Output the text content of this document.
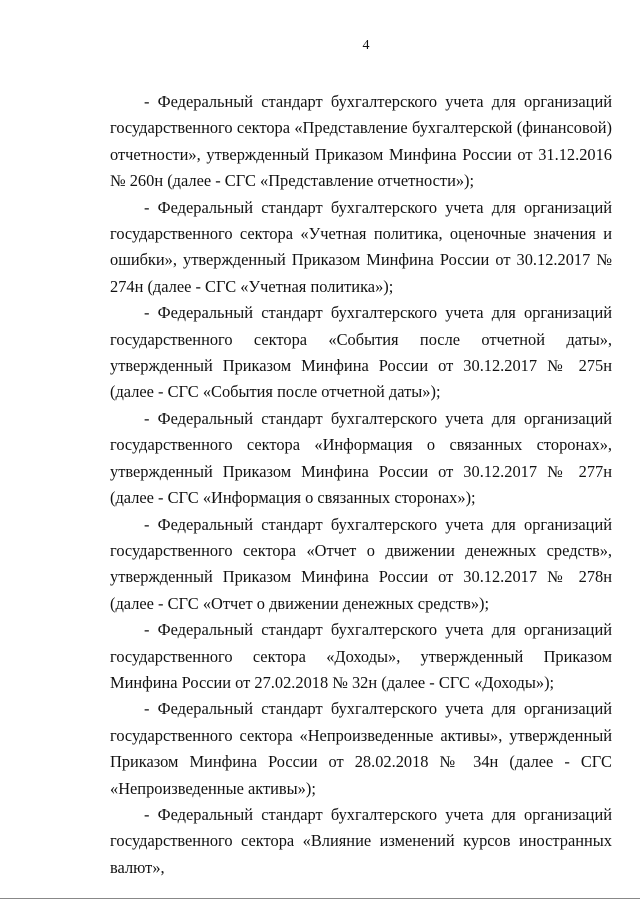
4

- Федеральный стандарт бухгалтерского учета для организаций государственного сектора «Представление бухгалтерской (финансовой) отчетности», утвержденный Приказом Минфина России от 31.12.2016 № 260н (далее - СГС «Представление отчетности»);

- Федеральный стандарт бухгалтерского учета для организаций государственного сектора «Учетная политика, оценочные значения и ошибки», утвержденный Приказом Минфина России от 30.12.2017 № 274н (далее - СГС «Учетная политика»);

- Федеральный стандарт бухгалтерского учета для организаций государственного сектора «События после отчетной даты», утвержденный Приказом Минфина России от 30.12.2017 № 275н (далее - СГС «События после отчетной даты»);

- Федеральный стандарт бухгалтерского учета для организаций государственного сектора «Информация о связанных сторонах», утвержденный Приказом Минфина России от 30.12.2017 № 277н (далее - СГС «Информация о связанных сторонах»);

- Федеральный стандарт бухгалтерского учета для организаций государственного сектора «Отчет о движении денежных средств», утвержденный Приказом Минфина России от 30.12.2017 № 278н (далее - СГС «Отчет о движении денежных средств»);

- Федеральный стандарт бухгалтерского учета для организаций государственного сектора «Доходы», утвержденный Приказом Минфина России от 27.02.2018 № 32н (далее - СГС «Доходы»);

- Федеральный стандарт бухгалтерского учета для организаций государственного сектора «Непроизведенные активы», утвержденный Приказом Минфина России от 28.02.2018 № 34н (далее - СГС «Непроизведенные активы»);

- Федеральный стандарт бухгалтерского учета для организаций государственного сектора «Влияние изменений курсов иностранных валют»,
